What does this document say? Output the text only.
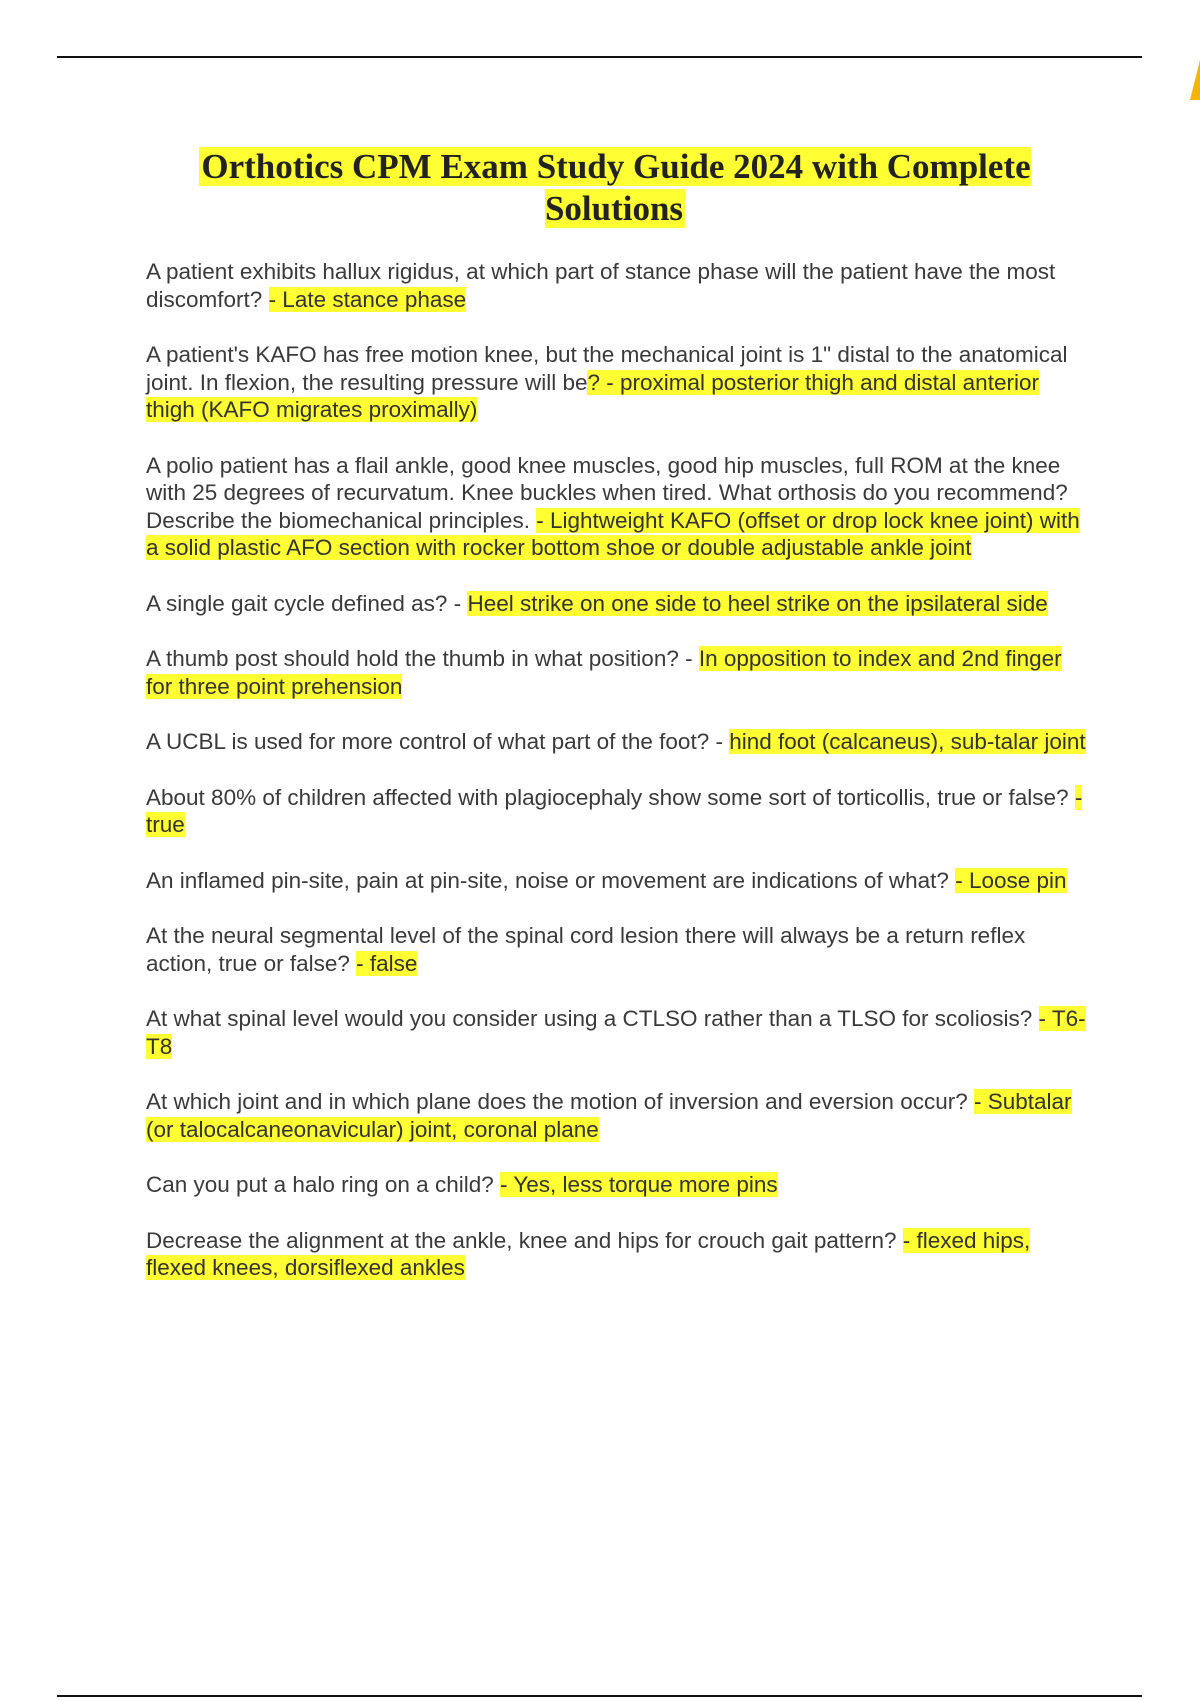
Orthotics CPM Exam Study Guide 2024 with Complete Solutions

A patient exhibits hallux rigidus, at which part of stance phase will the patient have the most discomfort? - Late stance phase

A patient's KAFO has free motion knee, but the mechanical joint is 1" distal to the anatomical joint. In flexion, the resulting pressure will be? - proximal posterior thigh and distal anterior thigh (KAFO migrates proximally)

A polio patient has a flail ankle, good knee muscles, good hip muscles, full ROM at the knee with 25 degrees of recurvatum. Knee buckles when tired. What orthosis do you recommend? Describe the biomechanical principles. - Lightweight KAFO (offset or drop lock knee joint) with a solid plastic AFO section with rocker bottom shoe or double adjustable ankle joint

A single gait cycle defined as? - Heel strike on one side to heel strike on the ipsilateral side

A thumb post should hold the thumb in what position? - In opposition to index and 2nd finger for three point prehension

A UCBL is used for more control of what part of the foot? - hind foot (calcaneus), sub-talar joint

About 80% of children affected with plagiocephaly show some sort of torticollis, true or false? - true

An inflamed pin-site, pain at pin-site, noise or movement are indications of what? - Loose pin

At the neural segmental level of the spinal cord lesion there will always be a return reflex action, true or false? - false

At what spinal level would you consider using a CTLSO rather than a TLSO for scoliosis? - T6-T8

At which joint and in which plane does the motion of inversion and eversion occur? - Subtalar (or talocalcaneonavicular) joint, coronal plane

Can you put a halo ring on a child? - Yes, less torque more pins

Decrease the alignment at the ankle, knee and hips for crouch gait pattern? - flexed hips, flexed knees, dorsiflexed ankles
